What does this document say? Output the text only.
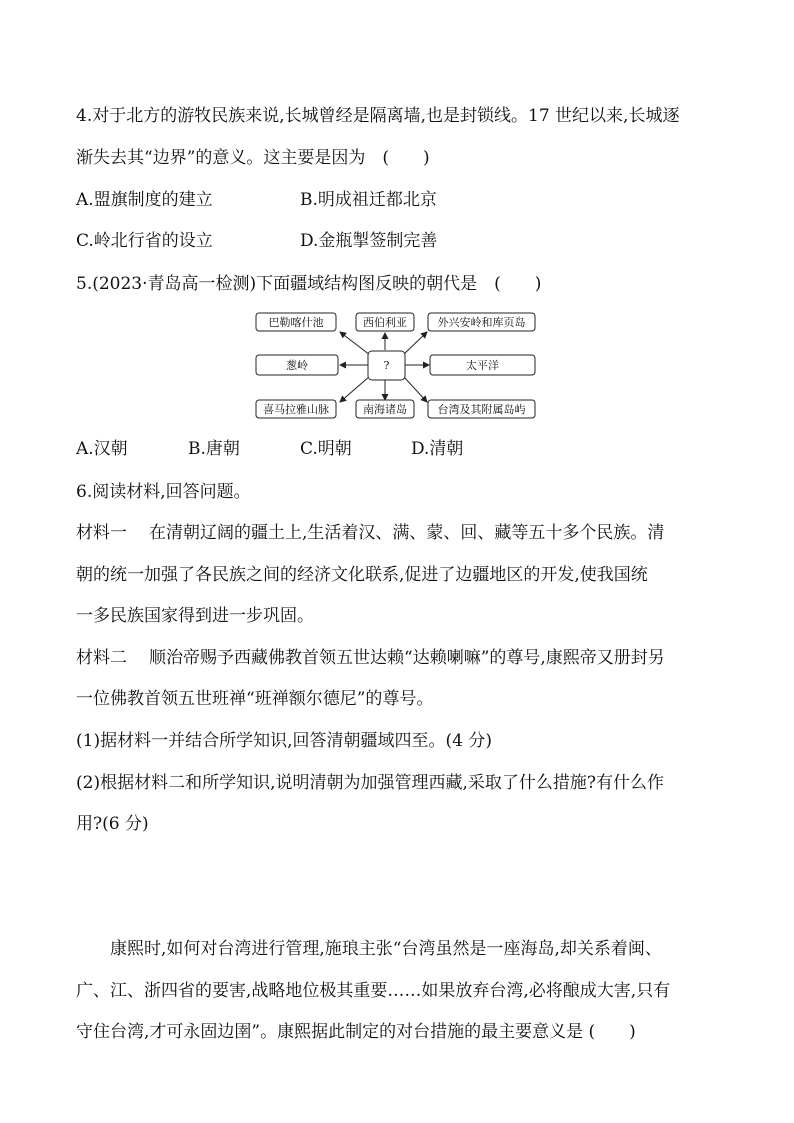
4.对于北方的游牧民族来说,长城曾经是隔离墙,也是封锁线。17 世纪以来,长城逐
渐失去其“边界”的意义。这主要是因为　(　　)
A.盟旗制度的建立	B.明成祖迁都北京
C.岭北行省的设立	D.金瓶掣签制完善
5.(2023·青岛高一检测)下面疆域结构图反映的朝代是　(　　)
?
巴勒喀什池	西伯利亚	外兴安岭和库页岛
葱岭	太平洋
喜马拉雅山脉	南海诸岛	台湾及其附属岛屿
A.汉朝	B.唐朝	C.明朝	D.清朝
6.阅读材料,回答问题。
材料一 在清朝辽阔的疆土上,生活着汉、满、蒙、回、藏等五十多个民族。清
朝的统一加强了各民族之间的经济文化联系,促进了边疆地区的开发,使我国统
一多民族国家得到进一步巩固。
材料二 顺治帝赐予西藏佛教首领五世达赖“达赖喇嘛”的尊号,康熙帝又册封另
一位佛教首领五世班禅“班禅额尔德尼”的尊号。
(1)据材料一并结合所学知识,回答清朝疆域四至。(4 分)
(2)根据材料二和所学知识,说明清朝为加强管理西藏,采取了什么措施?有什么作
用?(6 分)
康熙时,如何对台湾进行管理,施琅主张“台湾虽然是一座海岛,却关系着闽、
广、江、浙四省的要害,战略地位极其重要……如果放弃台湾,必将酿成大害,只有
守住台湾,才可永固边圉”。康熙据此制定的对台措施的最主要意义是 (　　)
